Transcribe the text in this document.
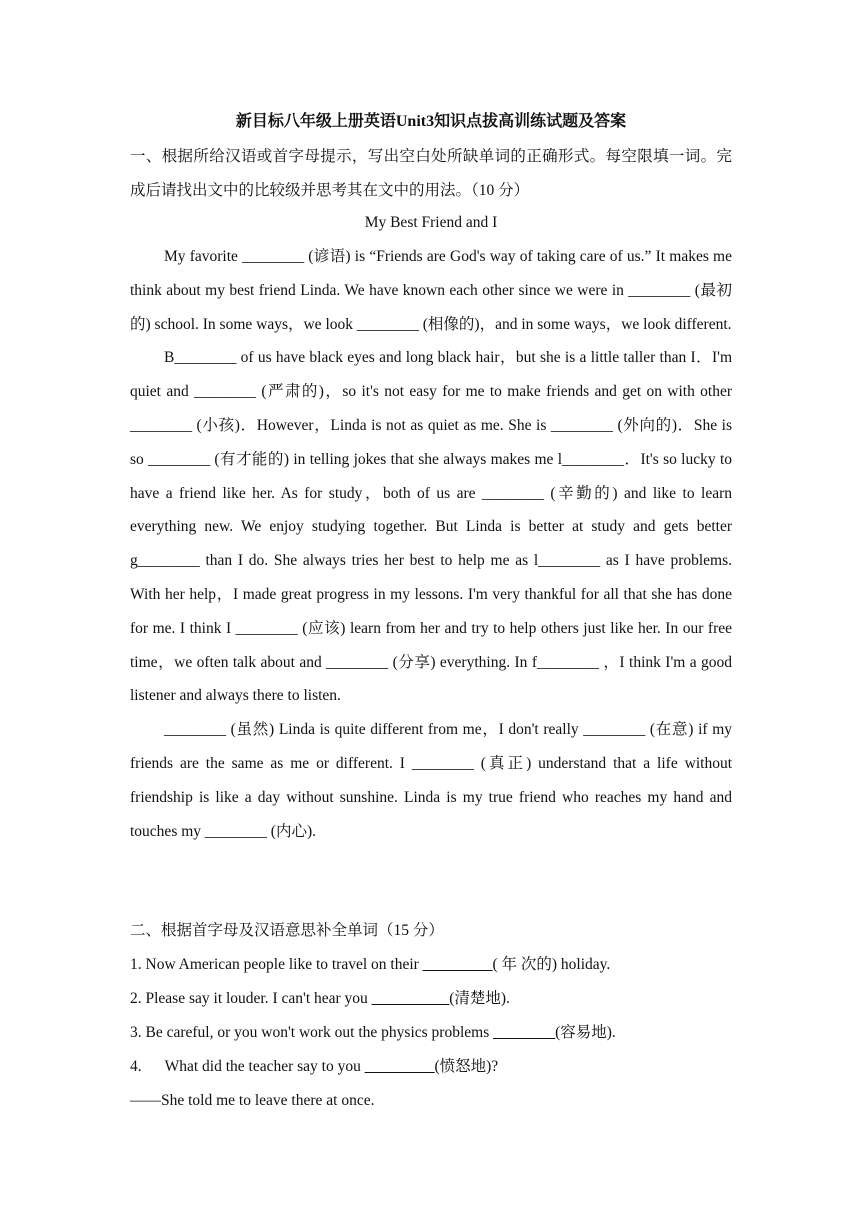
新目标八年级上册英语Unit3知识点拔高训练试题及答案
一、根据所给汉语或首字母提示，写出空白处所缺单词的正确形式。每空限填一词。完成后请找出文中的比较级并思考其在文中的用法。（10 分）
My Best Friend and I

My favorite ________ (谚语) is “Friends are God's way of taking care of us.” It makes me think about my best friend Linda. We have known each other since we were in ________ (最初的) school. In some ways，we look ________ (相像的)，and in some ways，we look different.

B________ of us have black eyes and long black hair，but she is a little taller than I．I'm quiet and ________ (严肃的)，so it's not easy for me to make friends and get on with other ________ (小孩)．However，Linda is not as quiet as me. She is ________ (外向的)．She is so ________ (有才能的) in telling jokes that she always makes me l________．It's so lucky to have a friend like her. As for study，both of us are ________ (辛勤的) and like to learn everything new. We enjoy studying together. But Linda is better at study and gets better g________ than I do. She always tries her best to help me as l________ as I have problems. With her help，I made great progress in my lessons. I'm very thankful for all that she has done for me. I think I ________ (应该) learn from her and try to help others just like her. In our free time，we often talk about and ________ (分享) everything. In f________ ，I think I'm a good listener and always there to listen.

________ (虽然) Linda is quite different from me，I don't really ________ (在意) if my friends are the same as me or different. I ________ (真正) understand that a life without friendship is like a day without sunshine. Linda is my true friend who reaches my hand and touches my ________ (内心).

二、根据首字母及汉语意思补全单词（15 分）
1. Now American people like to travel on their _________( 年 次的) holiday.
2. Please say it louder. I can't hear you __________(清楚地).
3. Be careful, or you won't work out the physics problems ________(容易地).
4.      What did the teacher say to you _________(愤怒地)?
——She told me to leave there at once.
